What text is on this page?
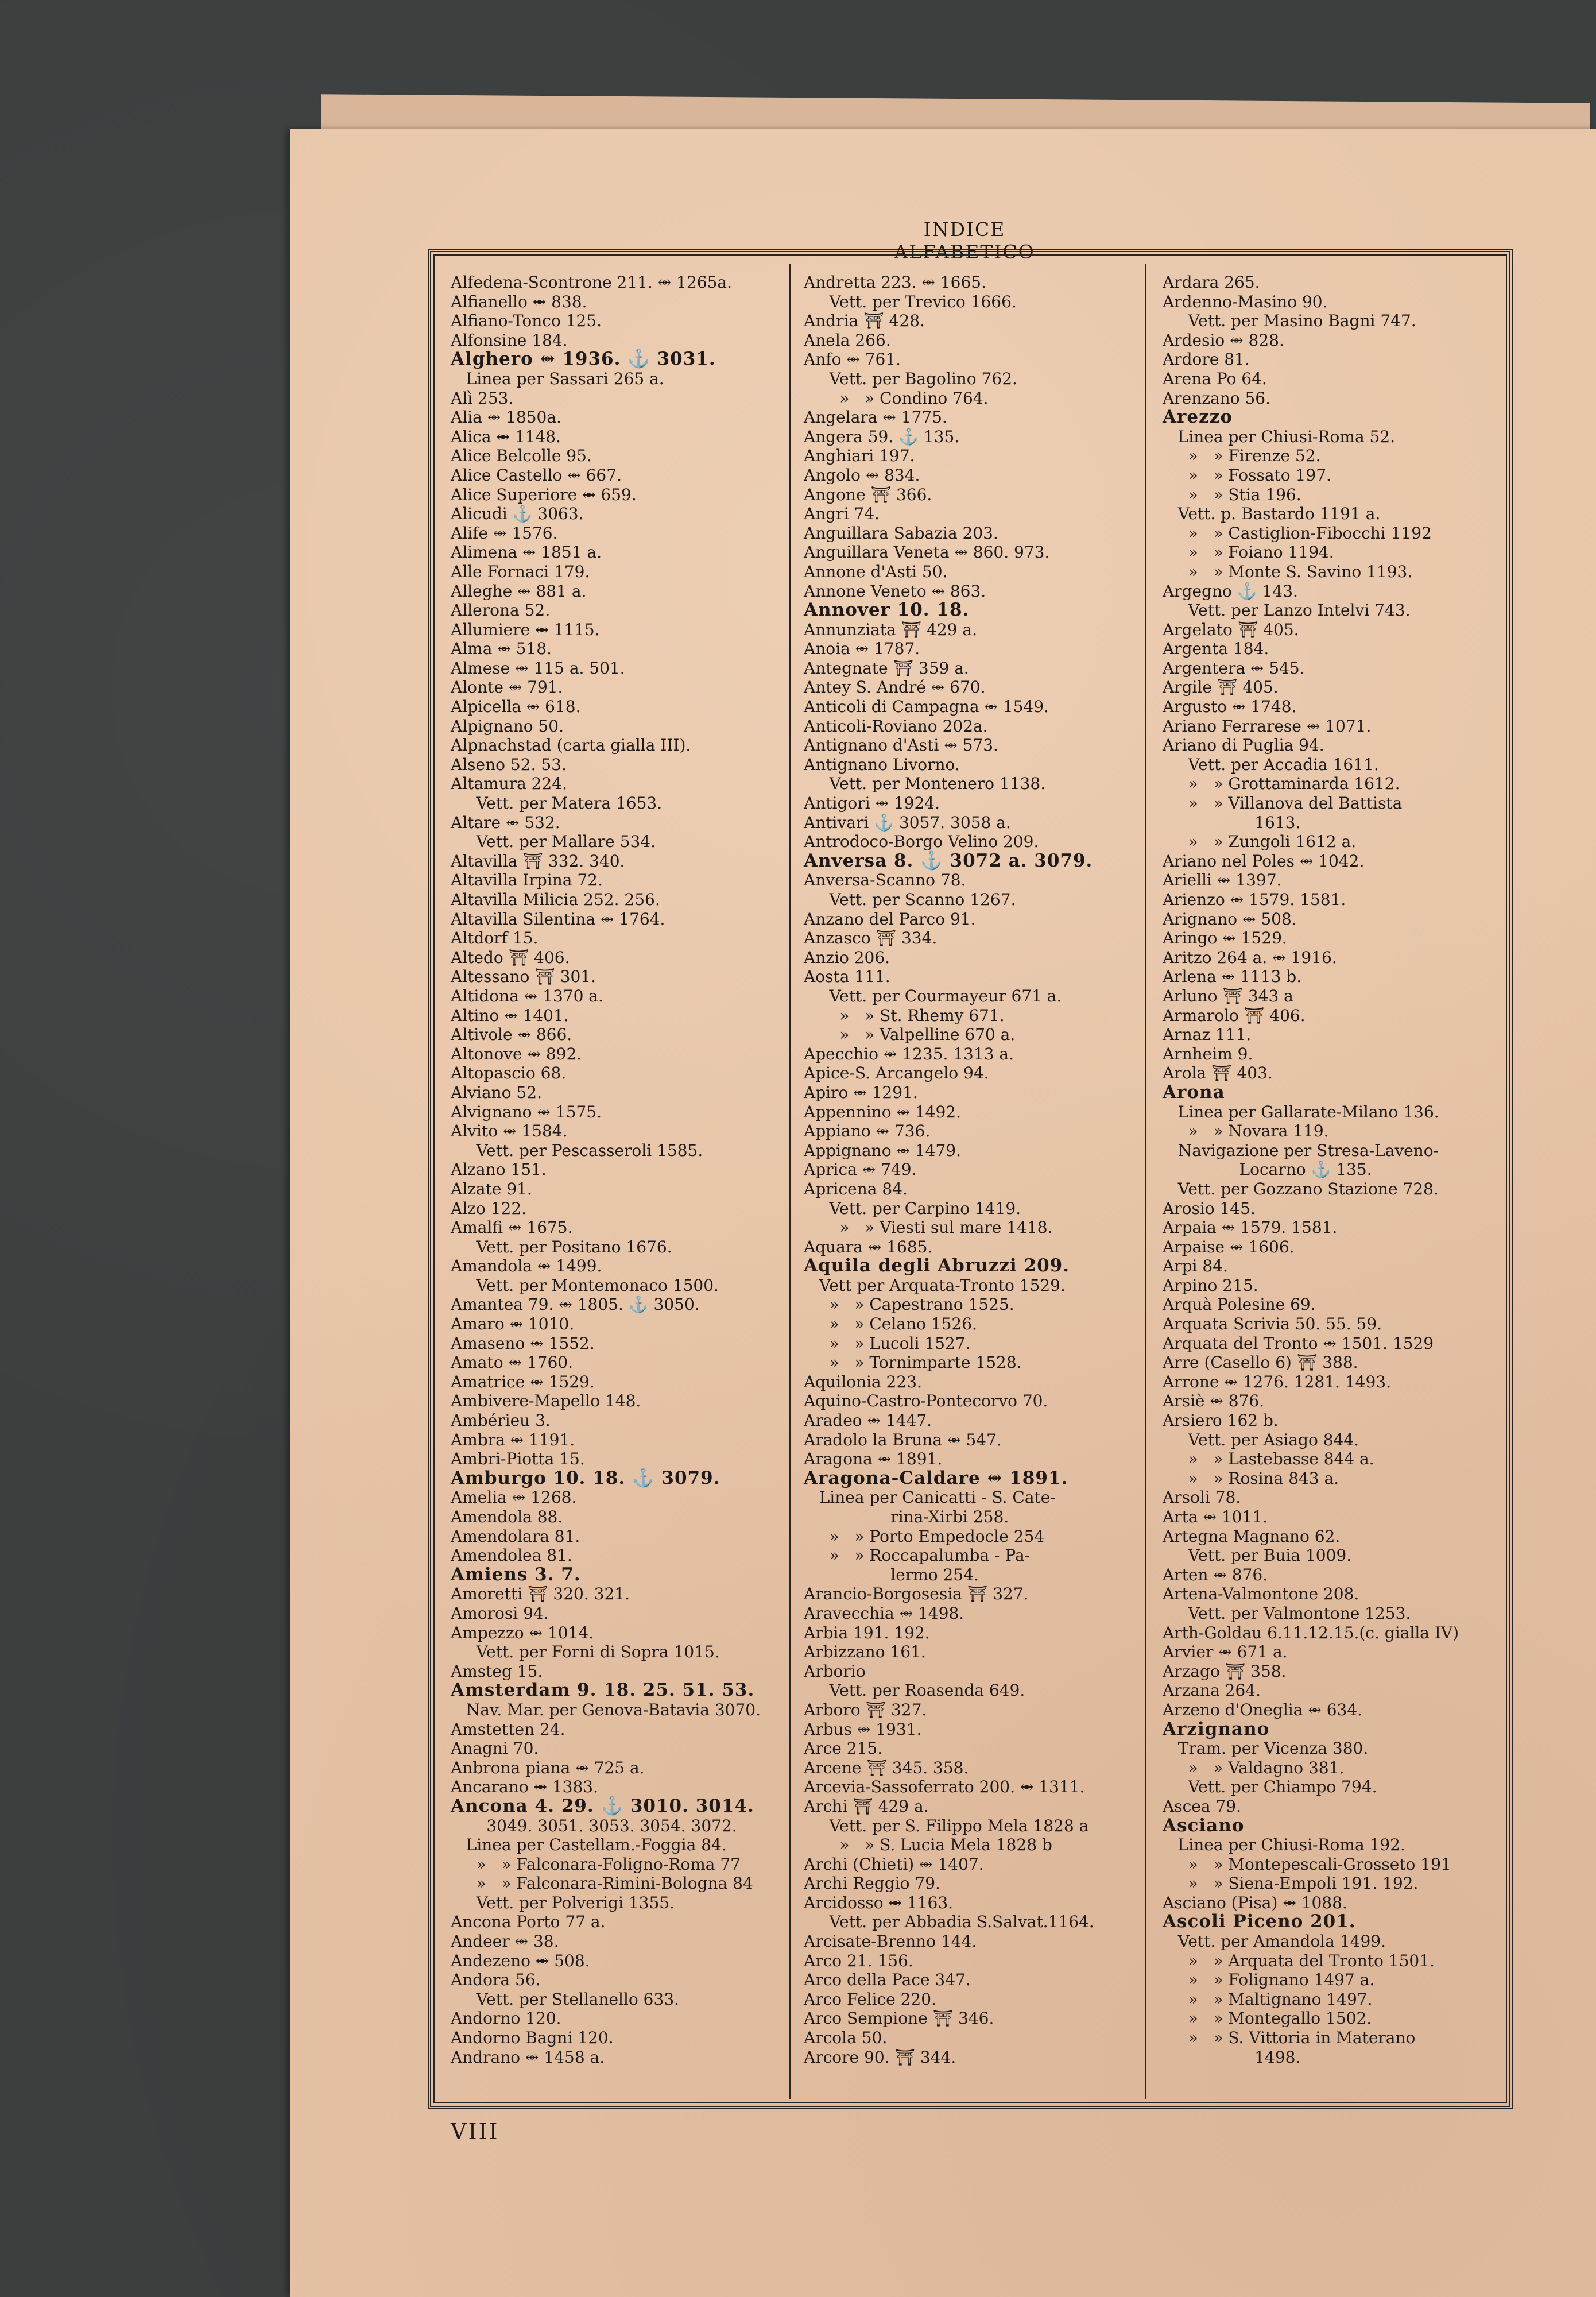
INDICE ALFABETICO
Alfedena-Scontrone 211. ⥈ 1265a.
Alfianello ⥈ 838.
Alfiano-Tonco 125.
Alfonsine 184.
Alghero ⥈ 1936. ⚓ 3031.
Linea per Sassari 265 a.
Alì 253.
Alia ⥈ 1850a.
Alica ⥈ 1148.
Alice Belcolle 95.
Alice Castello ⥈ 667.
Alice Superiore ⥈ 659.
Alicudi ⚓ 3063.
Alife ⥈ 1576.
Alimena ⥈ 1851 a.
Alle Fornaci 179.
Alleghe ⥈ 881 a.
Allerona 52.
Allumiere ⥈ 1115.
Alma ⥈ 518.
Almese ⥈ 115 a. 501.
Alonte ⥈ 791.
Alpicella ⥈ 618.
Alpignano 50.
Alpnachstad (carta gialla III).
Alseno 52. 53.
Altamura 224.
Vett. per Matera 1653.
Altare ⥈ 532.
Vett. per Mallare 534.
Altavilla ⛩ 332. 340.
Altavilla Irpina 72.
Altavilla Milicia 252. 256.
Altavilla Silentina ⥈ 1764.
Altdorf 15.
Altedo ⛩ 406.
Altessano ⛩ 301.
Altidona ⥈ 1370 a.
Altino ⥈ 1401.
Altivole ⥈ 866.
Altonove ⥈ 892.
Altopascio 68.
Alviano 52.
Alvignano ⥈ 1575.
Alvito ⥈ 1584.
Vett. per Pescasseroli 1585.
Alzano 151.
Alzate 91.
Alzo 122.
Amalfi ⥈ 1675.
Vett. per Positano 1676.
Amandola ⥈ 1499.
Vett. per Montemonaco 1500.
Amantea 79. ⥈ 1805. ⚓ 3050.
Amaro ⥈ 1010.
Amaseno ⥈ 1552.
Amato ⥈ 1760.
Amatrice ⥈ 1529.
Ambivere-Mapello 148.
Ambérieu 3.
Ambra ⥈ 1191.
Ambri-Piotta 15.
Amburgo 10. 18. ⚓ 3079.
Amelia ⥈ 1268.
Amendola 88.
Amendolara 81.
Amendolea 81.
Amiens 3. 7.
Amoretti ⛩ 320. 321.
Amorosi 94.
Ampezzo ⥈ 1014.
Vett. per Forni di Sopra 1015.
Amsteg 15.
Amsterdam 9. 18. 25. 51. 53.
Nav. Mar. per Genova-Batavia 3070.
Amstetten 24.
Anagni 70.
Anbrona piana ⥈ 725 a.
Ancarano ⥈ 1383.
Ancona 4. 29. ⚓ 3010. 3014.
3049. 3051. 3053. 3054. 3072.
Linea per Castellam.-Foggia 84.
»   » Falconara-Foligno-Roma 77
»   » Falconara-Rimini-Bologna 84
Vett. per Polverigi 1355.
Ancona Porto 77 a.
Andeer ⥈ 38.
Andezeno ⥈ 508.
Andora 56.
Vett. per Stellanello 633.
Andorno 120.
Andorno Bagni 120.
Andrano ⥈ 1458 a.
Andretta 223. ⥈ 1665.
Vett. per Trevico 1666.
Andria ⛩ 428.
Anela 266.
Anfo ⥈ 761.
Vett. per Bagolino 762.
»   » Condino 764.
Angelara ⥈ 1775.
Angera 59. ⚓ 135.
Anghiari 197.
Angolo ⥈ 834.
Angone ⛩ 366.
Angri 74.
Anguillara Sabazia 203.
Anguillara Veneta ⥈ 860. 973.
Annone d'Asti 50.
Annone Veneto ⥈ 863.
Annover 10. 18.
Annunziata ⛩ 429 a.
Anoia ⥈ 1787.
Antegnate ⛩ 359 a.
Antey S. André ⥈ 670.
Anticoli di Campagna ⥈ 1549.
Anticoli-Roviano 202a.
Antignano d'Asti ⥈ 573.
Antignano Livorno.
Vett. per Montenero 1138.
Antigori ⥈ 1924.
Antivari ⚓ 3057. 3058 a.
Antrodoco-Borgo Velino 209.
Anversa 8. ⚓ 3072 a. 3079.
Anversa-Scanno 78.
Vett. per Scanno 1267.
Anzano del Parco 91.
Anzasco ⛩ 334.
Anzio 206.
Aosta 111.
Vett. per Courmayeur 671 a.
»   » St. Rhemy 671.
»   » Valpelline 670 a.
Apecchio ⥈ 1235. 1313 a.
Apice-S. Arcangelo 94.
Apiro ⥈ 1291.
Appennino ⥈ 1492.
Appiano ⥈ 736.
Appignano ⥈ 1479.
Aprica ⥈ 749.
Apricena 84.
Vett. per Carpino 1419.
»   » Viesti sul mare 1418.
Aquara ⥈ 1685.
Aquila degli Abruzzi 209.
Vett per Arquata-Tronto 1529.
»   » Capestrano 1525.
»   » Celano 1526.
»   » Lucoli 1527.
»   » Tornimparte 1528.
Aquilonia 223.
Aquino-Castro-Pontecorvo 70.
Aradeo ⥈ 1447.
Aradolo la Bruna ⥈ 547.
Aragona ⥈ 1891.
Aragona-Caldare ⥈ 1891.
Linea per Canicatti - S. Cate-
rina-Xirbi 258.
»   » Porto Empedocle 254
»   » Roccapalumba - Pa-
lermo 254.
Arancio-Borgosesia ⛩ 327.
Aravecchia ⥈ 1498.
Arbia 191. 192.
Arbizzano 161.
Arborio
Vett. per Roasenda 649.
Arboro ⛩ 327.
Arbus ⥈ 1931.
Arce 215.
Arcene ⛩ 345. 358.
Arcevia-Sassoferrato 200. ⥈ 1311.
Archi ⛩ 429 a.
Vett. per S. Filippo Mela 1828 a
»   » S. Lucia Mela 1828 b
Archi (Chieti) ⥈ 1407.
Archi Reggio 79.
Arcidosso ⥈ 1163.
Vett. per Abbadia S.Salvat.1164.
Arcisate-Brenno 144.
Arco 21. 156.
Arco della Pace 347.
Arco Felice 220.
Arco Sempione ⛩ 346.
Arcola 50.
Arcore 90. ⛩ 344.
Ardara 265.
Ardenno-Masino 90.
Vett. per Masino Bagni 747.
Ardesio ⥈ 828.
Ardore 81.
Arena Po 64.
Arenzano 56.
Arezzo
Linea per Chiusi-Roma 52.
»   » Firenze 52.
»   » Fossato 197.
»   » Stia 196.
Vett. p. Bastardo 1191 a.
»   » Castiglion-Fibocchi 1192
»   » Foiano 1194.
»   » Monte S. Savino 1193.
Argegno ⚓ 143.
Vett. per Lanzo Intelvi 743.
Argelato ⛩ 405.
Argenta 184.
Argentera ⥈ 545.
Argile ⛩ 405.
Argusto ⥈ 1748.
Ariano Ferrarese ⥈ 1071.
Ariano di Puglia 94.
Vett. per Accadia 1611.
»   » Grottaminarda 1612.
»   » Villanova del Battista
1613.
»   » Zungoli 1612 a.
Ariano nel Poles ⥈ 1042.
Arielli ⥈ 1397.
Arienzo ⥈ 1579. 1581.
Arignano ⥈ 508.
Aringo ⥈ 1529.
Aritzo 264 a. ⥈ 1916.
Arlena ⥈ 1113 b.
Arluno ⛩ 343 a
Armarolo ⛩ 406.
Arnaz 111.
Arnheim 9.
Arola ⛩ 403.
Arona
Linea per Gallarate-Milano 136.
»   » Novara 119.
Navigazione per Stresa-Laveno-
Locarno ⚓ 135.
Vett. per Gozzano Stazione 728.
Arosio 145.
Arpaia ⥈ 1579. 1581.
Arpaise ⥈ 1606.
Arpi 84.
Arpino 215.
Arquà Polesine 69.
Arquata Scrivia 50. 55. 59.
Arquata del Tronto ⥈ 1501. 1529
Arre (Casello 6) ⛩ 388.
Arrone ⥈ 1276. 1281. 1493.
Arsiè ⥈ 876.
Arsiero 162 b.
Vett. per Asiago 844.
»   » Lastebasse 844 a.
»   » Rosina 843 a.
Arsoli 78.
Arta ⥈ 1011.
Artegna Magnano 62.
Vett. per Buia 1009.
Arten ⥈ 876.
Artena-Valmontone 208.
Vett. per Valmontone 1253.
Arth-Goldau 6.11.12.15.(c. gialla IV)
Arvier ⥈ 671 a.
Arzago ⛩ 358.
Arzana 264.
Arzeno d'Oneglia ⥈ 634.
Arzignano
Tram. per Vicenza 380.
»   » Valdagno 381.
Vett. per Chiampo 794.
Ascea 79.
Asciano
Linea per Chiusi-Roma 192.
»   » Montepescali-Grosseto 191
»   » Siena-Empoli 191. 192.
Asciano (Pisa) ⥈ 1088.
Ascoli Piceno 201.
Vett. per Amandola 1499.
»   » Arquata del Tronto 1501.
»   » Folignano 1497 a.
»   » Maltignano 1497.
»   » Montegallo 1502.
»   » S. Vittoria in Materano
1498.
VIII
